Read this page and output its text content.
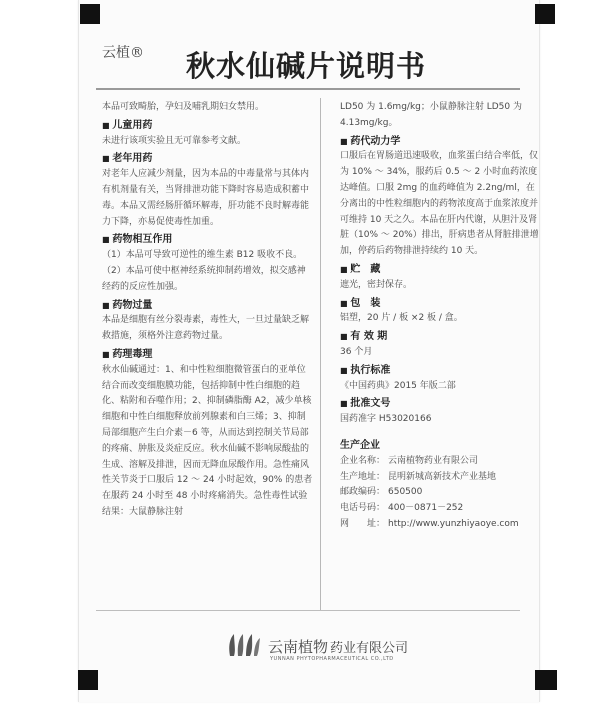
云植® 秋水仙碱片说明书
本品可致畸胎，孕妇及哺乳期妇女禁用。
■ 儿童用药
未进行该项实验且无可靠参考文献。
■ 老年用药
对老年人应减少剂量，因为本品的中毒量常与其体内有机剂量有关，当肾排泄功能下降时容易造成积蓄中毒。本品又需经肠肝循环解毒，肝功能不良时解毒能力下降，亦易促使毒性加重。
■ 药物相互作用
（1）本品可导致可逆性的维生素 B12 吸收不良。
（2）本品可使中枢神经系统抑制药增效，拟交感神经药的反应性加强。
■ 药物过量
本品是细胞有丝分裂毒素，毒性大，一旦过量缺乏解救措施，须格外注意药物过量。
■ 药理毒理
秋水仙碱通过：1、和中性粒细胞微管蛋白的亚单位结合而改变细胞膜功能，包括抑制中性白细胞的趋化、粘附和吞噬作用；2、抑制磷脂酶 A2，减少单核细胞和中性白细胞释放前列腺素和白三烯；3、抑制局部细胞产生白介素－6 等，从而达到控制关节局部的疼痛、肿胀及炎症反应。秋水仙碱不影响尿酸盐的生成、溶解及排泄，因而无降血尿酸作用。急性痛风性关节炎于口服后 12 ～ 24 小时起效，90% 的患者在服药 24 小时至 48 小时疼痛消失。急性毒性试验结果：大鼠静脉注射
LD50 为 1.6mg/kg；小鼠静脉注射 LD50 为 4.13mg/kg。
■ 药代动力学
口服后在胃肠道迅速吸收，血浆蛋白结合率低，仅为 10% ～ 34%，服药后 0.5 ～ 2 小时血药浓度达峰值。口服 2mg 的血药峰值为 2.2ng/ml，在分离出的中性粒细胞内的药物浓度高于血浆浓度并可维持 10 天之久。本品在肝内代谢，从胆汁及肾脏（10% ～ 20%）排出，肝病患者从肾脏排泄增加，停药后药物排泄持续约 10 天。
■ 贮　藏
遮光，密封保存。
■ 包　装
铝塑，20 片 / 板 ×2 板 / 盒。
■ 有 效 期
36 个月
■ 执行标准
《中国药典》2015 年版二部
■ 批准文号
国药准字 H53020166
生产企业
企业名称： 云南植物药业有限公司
生产地址： 昆明新城高新技术产业基地
邮政编码： 650500
电话号码： 400－0871－252
网　　址： http://www.yunzhiyaoye.com
云南植物 药业有限公司
YUNNAN PHYTOPHARMACEUTICAL CO.,LTD
